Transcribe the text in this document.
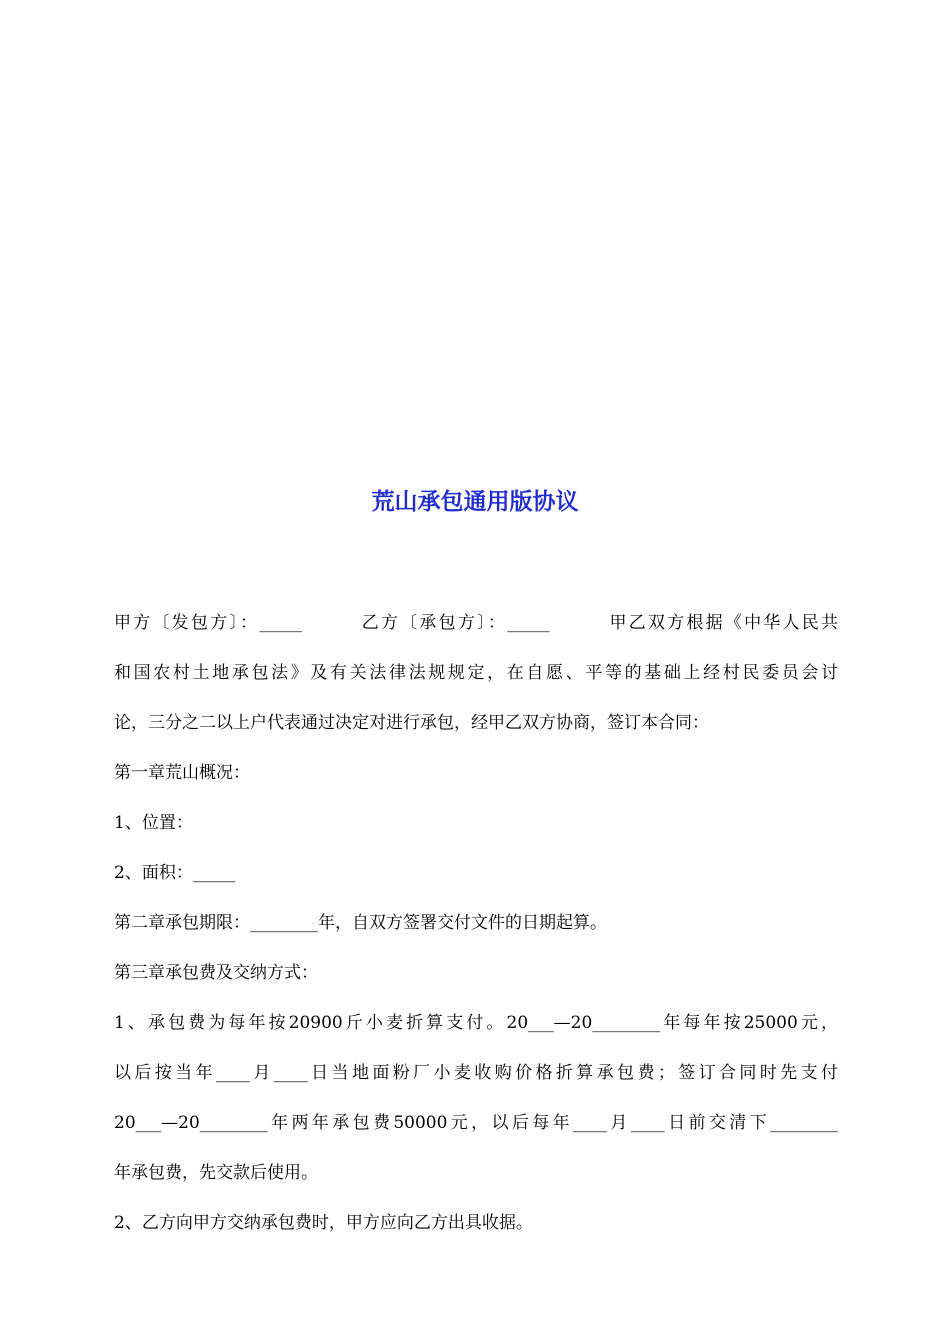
荒山承包通用版协议
甲方〔发包方〕：_____　　　乙方〔承包方〕：_____　　　甲乙双方根据《中华人民共
和国农村土地承包法》及有关法律法规规定，在自愿、平等的基础上经村民委员会讨
论，三分之二以上户代表通过决定对进行承包，经甲乙双方协商，签订本合同：
第一章荒山概况：
1、位置：
2、面积：_____
第二章承包期限：________年，自双方签署交付文件的日期起算。
第三章承包费及交纳方式：
1、承包费为每年按20900斤小麦折算支付。20___—20________年每年按25000元，
以后按当年____月____日当地面粉厂小麦收购价格折算承包费；签订合同时先支付
20___—20________年两年承包费50000元，以后每年____月____日前交清下________
年承包费，先交款后使用。
2、乙方向甲方交纳承包费时，甲方应向乙方出具收据。
